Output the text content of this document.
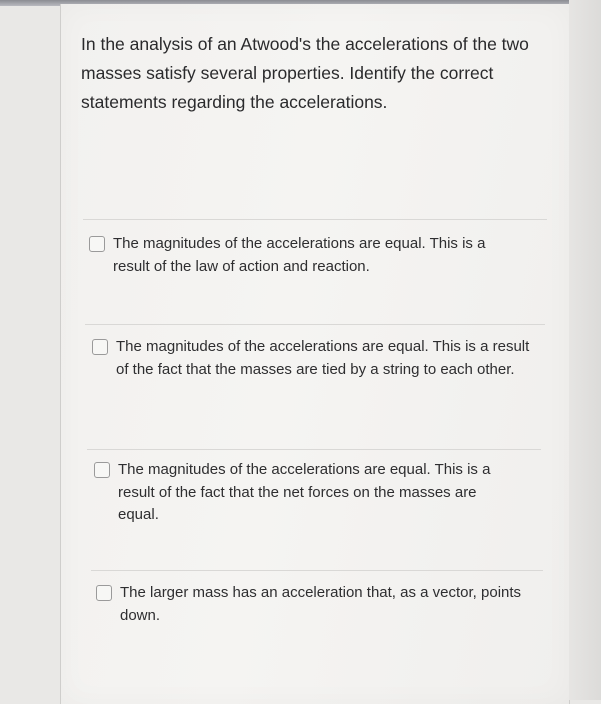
In the analysis of an Atwood's the accelerations of the two masses satisfy several properties. Identify the correct statements regarding the accelerations.

The magnitudes of the accelerations are equal. This is a result of the law of action and reaction.
The magnitudes of the accelerations are equal. This is a result of the fact that the masses are tied by a string to each other.
The magnitudes of the accelerations are equal. This is a result of the fact that the net forces on the masses are equal.
The larger mass has an acceleration that, as a vector, points down.
